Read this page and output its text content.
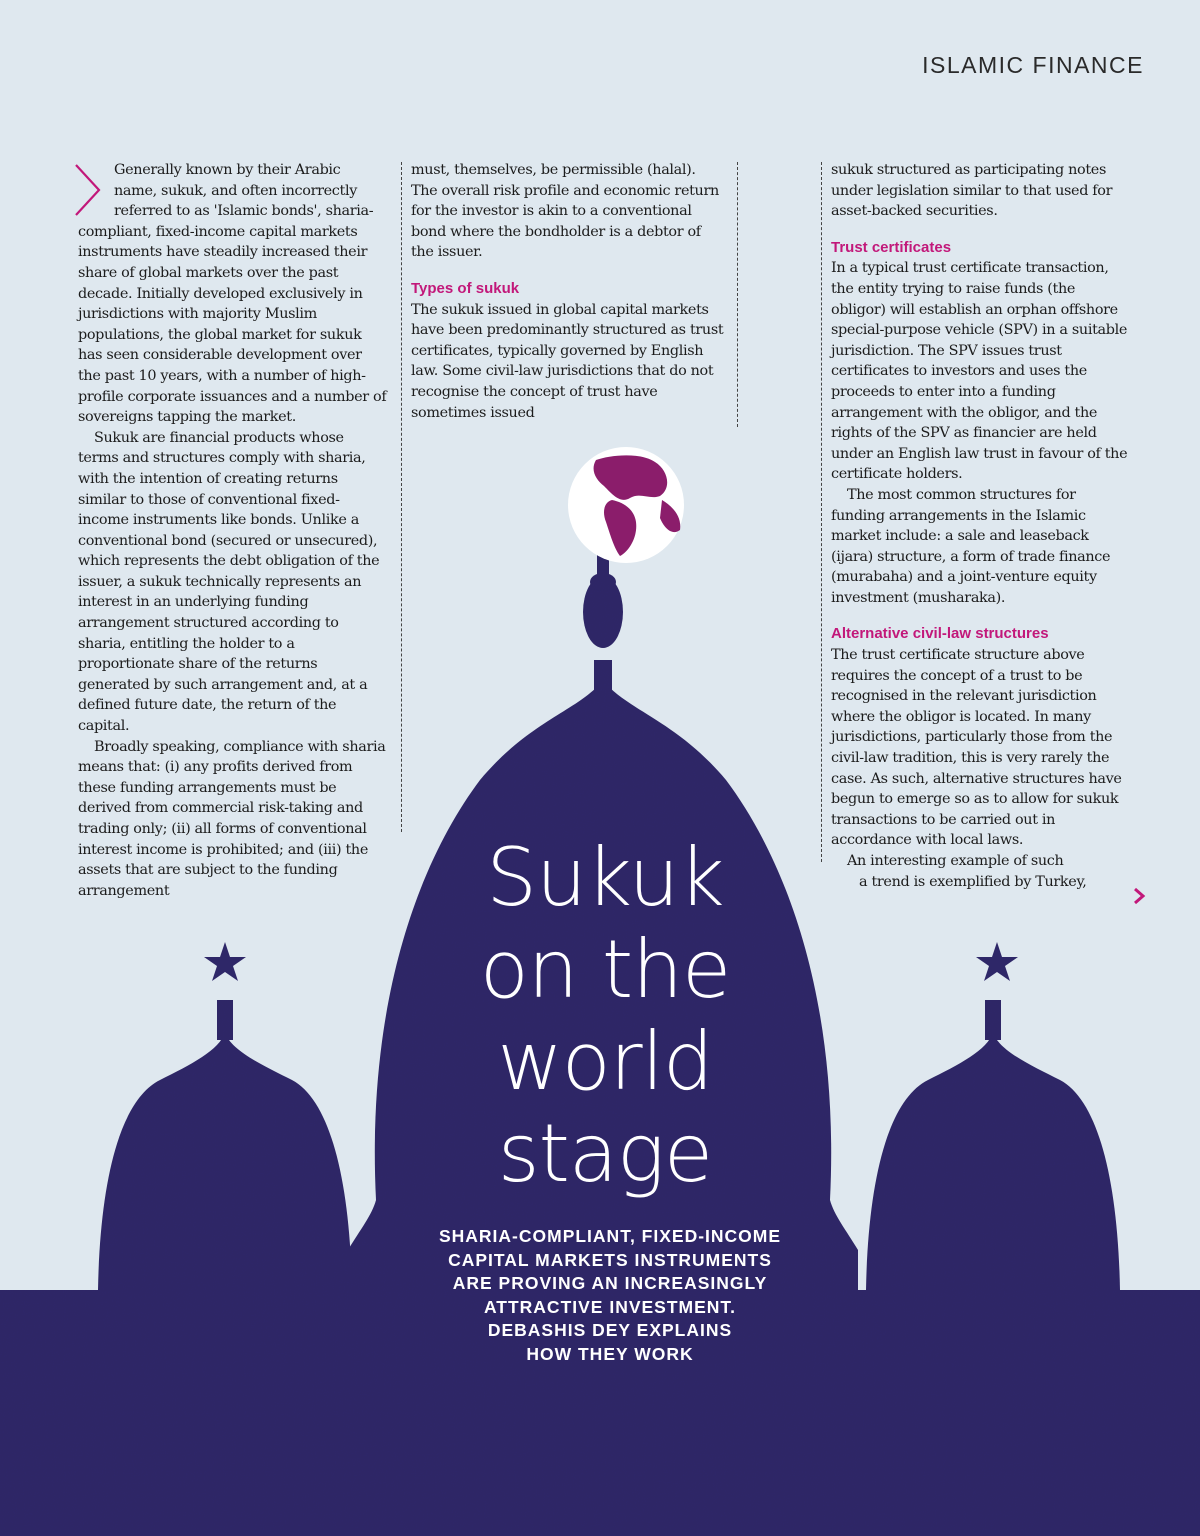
ISLAMIC FINANCE

Generally known by their Arabic
name, sukuk, and often incorrectly
referred to as 'Islamic bonds', sharia-
compliant, fixed-income capital markets instruments have steadily increased their share of global markets over the past decade. Initially developed exclusively in jurisdictions with majority Muslim populations, the global market for sukuk has seen considerable development over the past 10 years, with a number of high-profile corporate issuances and a number of sovereigns tapping the market.

Sukuk are financial products whose terms and structures comply with sharia, with the intention of creating returns similar to those of conventional fixed-income instruments like bonds. Unlike a conventional bond (secured or unsecured), which represents the debt obligation of the issuer, a sukuk technically represents an interest in an underlying funding arrangement structured according to sharia, entitling the holder to a proportionate share of the returns generated by such arrangement and, at a defined future date, the return of the capital.

Broadly speaking, compliance with sharia means that: (i) any profits derived from these funding arrangements must be derived from commercial risk-taking and trading only; (ii) all forms of conventional interest income is prohibited; and (iii) the assets that are subject to the funding arrangement

must, themselves, be permissible (halal). The overall risk profile and economic return for the investor is akin to a conventional bond where the bondholder is a debtor of the issuer.

Types of sukuk

The sukuk issued in global capital markets have been predominantly structured as trust certificates, typically governed by English law. Some civil-law jurisdictions that do not recognise the concept of trust have sometimes issued

sukuk structured as participating notes under legislation similar to that used for asset-backed securities.

Trust certificates

In a typical trust certificate transaction, the entity trying to raise funds (the obligor) will establish an orphan offshore special-purpose vehicle (SPV) in a suitable jurisdiction. The SPV issues trust certificates to investors and uses the proceeds to enter into a funding arrangement with the obligor, and the rights of the SPV as financier are held under an English law trust in favour of the certificate holders.

The most common structures for funding arrangements in the Islamic market include: a sale and leaseback (ijara) structure, a form of trade finance (murabaha) and a joint-venture equity investment (musharaka).

Alternative civil-law structures

The trust certificate structure above requires the concept of a trust to be recognised in the relevant jurisdiction where the obligor is located. In many jurisdictions, particularly those from the civil-law tradition, this is very rarely the case. As such, alternative structures have begun to emerge so as to allow for sukuk transactions to be carried out in accordance with local laws.

An interesting example of such
a trend is exemplified by Turkey,

Sukuk
on the
world
stage
SHARIA-COMPLIANT, FIXED-INCOME
CAPITAL MARKETS INSTRUMENTS
ARE PROVING AN INCREASINGLY
ATTRACTIVE INVESTMENT.
DEBASHIS DEY EXPLAINS
HOW THEY WORK
